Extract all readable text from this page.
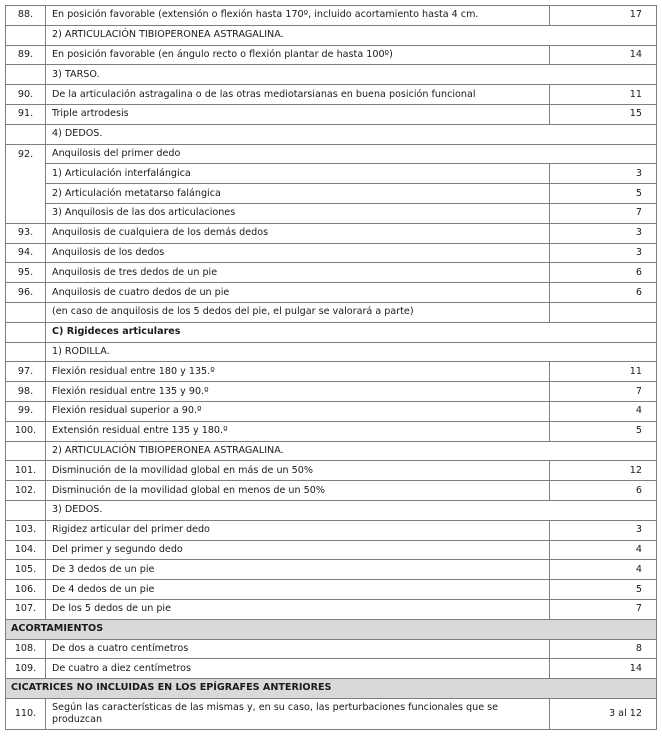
88.	En posición favorable (extensión o flexión hasta 170º, incluido acortamiento hasta 4 cm.	17
	2) ARTICULACIÓN TIBIOPERONEA ASTRAGALINA.	
89.	En posición favorable (en ángulo recto o flexión plantar de hasta 100º)	14
	3) TARSO.	
90.	De la articulación astragalina o de las otras mediotarsianas en buena posición funcional	11
91.	Triple artrodesis	15
	4) DEDOS.	
92.	Anquilosis del primer dedo	
	1) Articulación interfalángica	3
	2) Articulación metatarso falángica	5
	3) Anquilosis de las dos articulaciones	7
93.	Anquilosis de cualquiera de los demás dedos	3
94.	Anquilosis de los dedos	3
95.	Anquilosis de tres dedos de un pie	6
96.	Anquilosis de cuatro dedos de un pie	6
	(en caso de anquilosis de los 5 dedos del pie, el pulgar se valorará a parte)	
	C) Rigideces articulares	
	1) RODILLA.	
97.	Flexión residual entre 180 y 135.º	11
98.	Flexión residual entre 135 y 90.º	7
99.	Flexión residual superior a 90.º	4
100.	Extensión residual entre 135 y 180.º	5
	2) ARTICULACIÓN TIBIOPERONEA ASTRAGALINA.	
101.	Disminución de la movilidad global en más de un 50%	12
102.	Disminución de la movilidad global en menos de un 50%	6
	3) DEDOS.	
103.	Rigidez articular del primer dedo	3
104.	Del primer y segundo dedo	4
105.	De 3 dedos de un pie	4
106.	De 4 dedos de un pie	5
107.	De los 5 dedos de un pie	7
ACORTAMIENTOS		
108.	De dos a cuatro centímetros	8
109.	De cuatro a diez centímetros	14
CICATRICES NO INCLUIDAS EN LOS EPÍGRAFES ANTERIORES		
110.	Según las características de las mismas y, en su caso, las perturbaciones funcionales que se produzcan	3 al 12
